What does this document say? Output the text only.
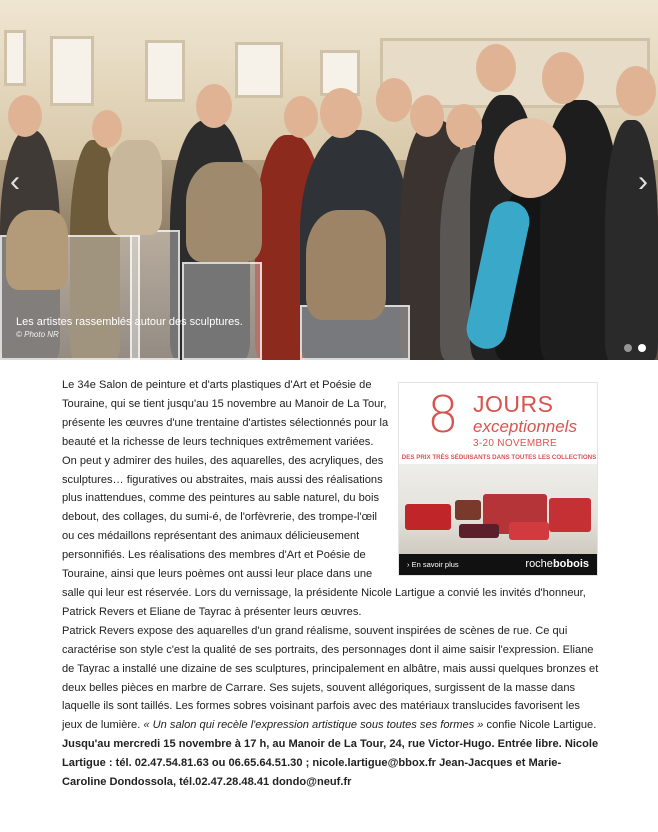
‹	›
Les artistes rassemblés autour des sculptures.
© Photo NR
8 JOURS
exceptionnels
3-20 NOVEMBRE
DES PRIX TRÈS SÉDUISANTS DANS TOUTES LES COLLECTIONS
› En savoir plus	rochebobois

Le 34e Salon de peinture et d'arts plastiques d'Art et Poésie de Touraine, qui se tient jusqu'au 15 novembre au Manoir de La Tour, présente les œuvres d'une trentaine d'artistes sélectionnés pour la beauté et la richesse de leurs techniques extrêmement variées. On peut y admirer des huiles, des aquarelles, des acryliques, des sculptures… figuratives ou abstraites, mais aussi des réalisations plus inattendues, comme des peintures au sable naturel, du bois debout, des collages, du sumi-é, de l'orfèvrerie, des trompe-l'œil ou ces médaillons représentant des animaux délicieusement personnifiés. Les réalisations des membres d'Art et Poésie de Touraine, ainsi que leurs poèmes ont aussi leur place dans une salle qui leur est réservée. Lors du vernissage, la présidente Nicole Lartigue a convié les invités d'honneur, Patrick Revers et Eliane de Tayrac à présenter leurs œuvres.

Patrick Revers expose des aquarelles d'un grand réalisme, souvent inspirées de scènes de rue. Ce qui caractérise son style c'est la qualité de ses portraits, des personnages dont il aime saisir l'expression. Eliane de Tayrac a installé une dizaine de ses sculptures, principalement en albâtre, mais aussi quelques bronzes et deux belles pièces en marbre de Carrare. Ses sujets, souvent allégoriques, surgissent de la masse dans laquelle ils sont taillés. Les formes sobres voisinant parfois avec des matériaux translucides favorisent les jeux de lumière. « Un salon qui recèle l'expression artistique sous toutes ses formes » confie Nicole Lartigue.

Jusqu'au mercredi 15 novembre à 17 h, au Manoir de La Tour, 24, rue Victor-Hugo. Entrée libre. Nicole Lartigue : tél. 02.47.54.81.63 ou 06.65.64.51.30 ; nicole.lartigue@bbox.fr Jean-Jacques et Marie-Caroline Dondossola, tél.02.47.28.48.41 dondo@neuf.fr
